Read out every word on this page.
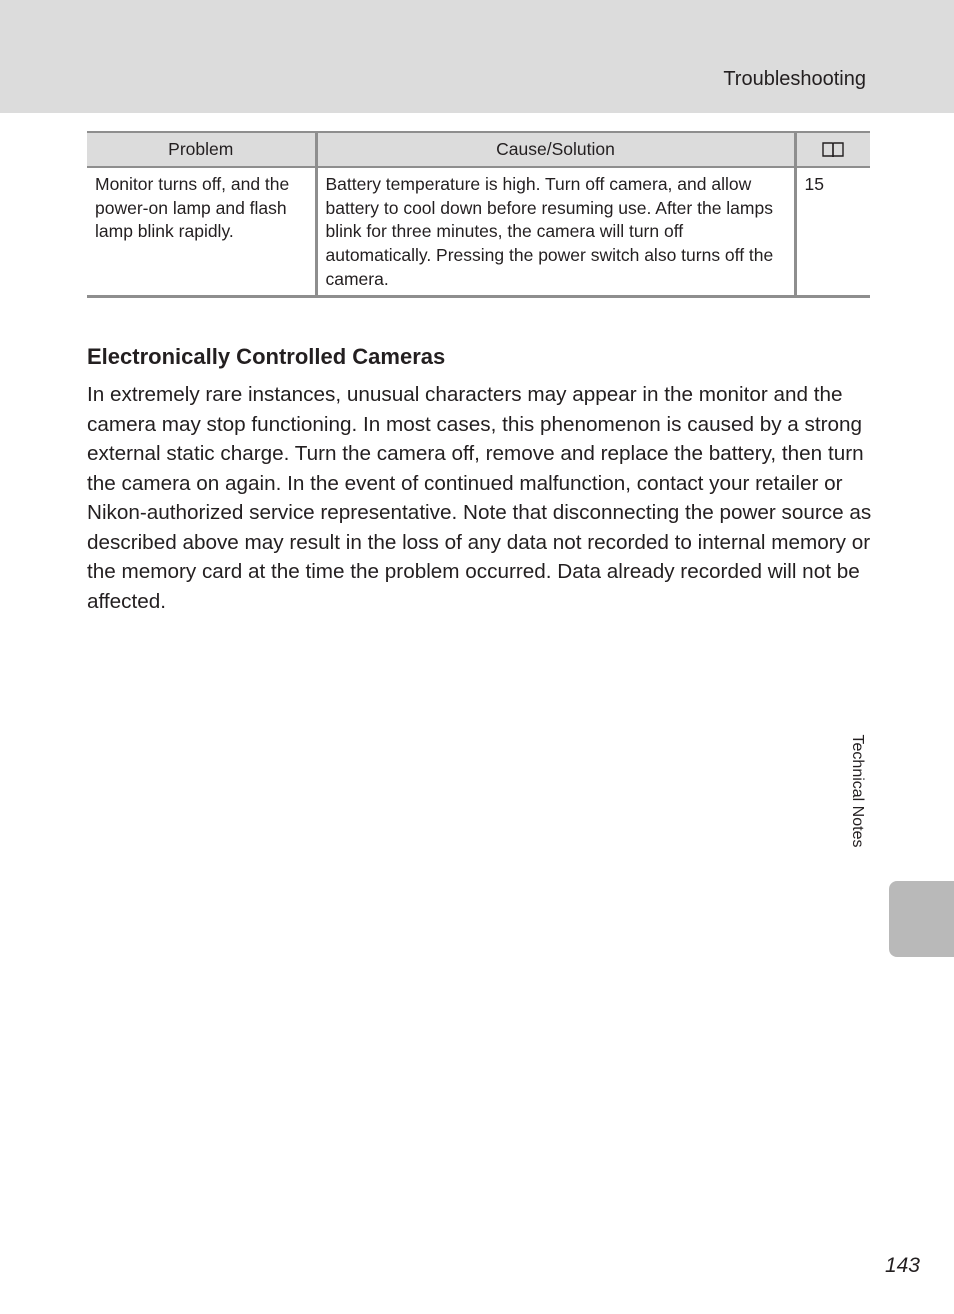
Troubleshooting
Problem	Cause/Solution	
Monitor turns off, and the power-on lamp and flash lamp blink rapidly.	Battery temperature is high. Turn off camera, and allow battery to cool down before resuming use. After the lamps blink for three minutes, the camera will turn off automatically. Pressing the power switch also turns off the camera.	15
Electronically Controlled Cameras

In extremely rare instances, unusual characters may appear in the monitor and the camera may stop functioning. In most cases, this phenomenon is caused by a strong external static charge. Turn the camera off, remove and replace the battery, then turn the camera on again. In the event of continued malfunction, contact your retailer or Nikon-authorized service representative. Note that disconnecting the power source as described above may result in the loss of any data not recorded to internal memory or the memory card at the time the problem occurred. Data already recorded will not be affected.

Technical Notes
143
